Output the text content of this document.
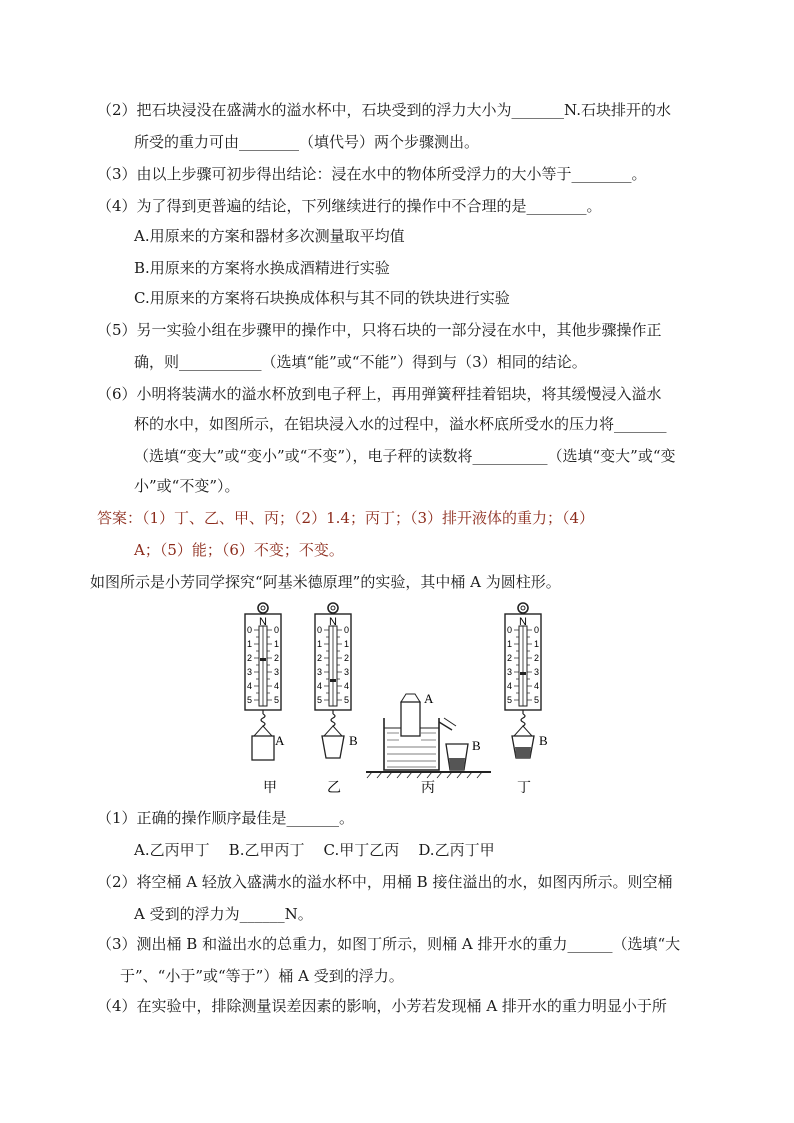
（2）把石块浸没在盛满水的溢水杯中，石块受到的浮力大小为_______N.石块排开的水
所受的重力可由________（填代号）两个步骤测出。
（3）由以上步骤可初步得出结论：浸在水中的物体所受浮力的大小等于________。
（4）为了得到更普遍的结论，下列继续进行的操作中不合理的是________。
A.用原来的方案和器材多次测量取平均值
B.用原来的方案将水换成酒精进行实验
C.用原来的方案将石块换成体积与其不同的铁块进行实验
（5）另一实验小组在步骤甲的操作中，只将石块的一部分浸在水中，其他步骤操作正
确，则___________（选填“能”或“不能”）得到与（3）相同的结论。
（6）小明将装满水的溢水杯放到电子秤上，再用弹簧秤挂着铝块，将其缓慢浸入溢水
杯的水中，如图所示，在铝块浸入水的过程中，溢水杯底所受水的压力将_______
（选填“变大”或“变小”或“不变”），电子秤的读数将__________（选填“变大”或“变
小”或“不变”）。
答案：（1）丁、乙、甲、丙；（2）1.4；丙丁；（3）排开液体的重力；（4）
A；（5）能；（6）不变；不变。
如图所示是小芳同学探究“阿基米德原理”的实验，其中桶 A 为圆柱形。
A
甲
B
乙
A
B
丙
B
丁
N
0 0
1 1
2 2
3 3
4 4
5 5
N
0 0
1 1
2 2
3 3
4 4
5 5
N
0 0
1 1
2 2
3 3
4 4
5 5
（1）正确的操作顺序最佳是_______。
A.乙丙甲丁    B.乙甲丙丁    C.甲丁乙丙    D.乙丙丁甲
（2）将空桶 A 轻放入盛满水的溢水杯中，用桶 B 接住溢出的水，如图丙所示。则空桶
A 受到的浮力为______N。
（3）测出桶 B 和溢出水的总重力，如图丁所示，则桶 A 排开水的重力______（选填“大
于”、“小于”或“等于”）桶 A 受到的浮力。
（4）在实验中，排除测量误差因素的影响，小芳若发现桶 A 排开水的重力明显小于所
